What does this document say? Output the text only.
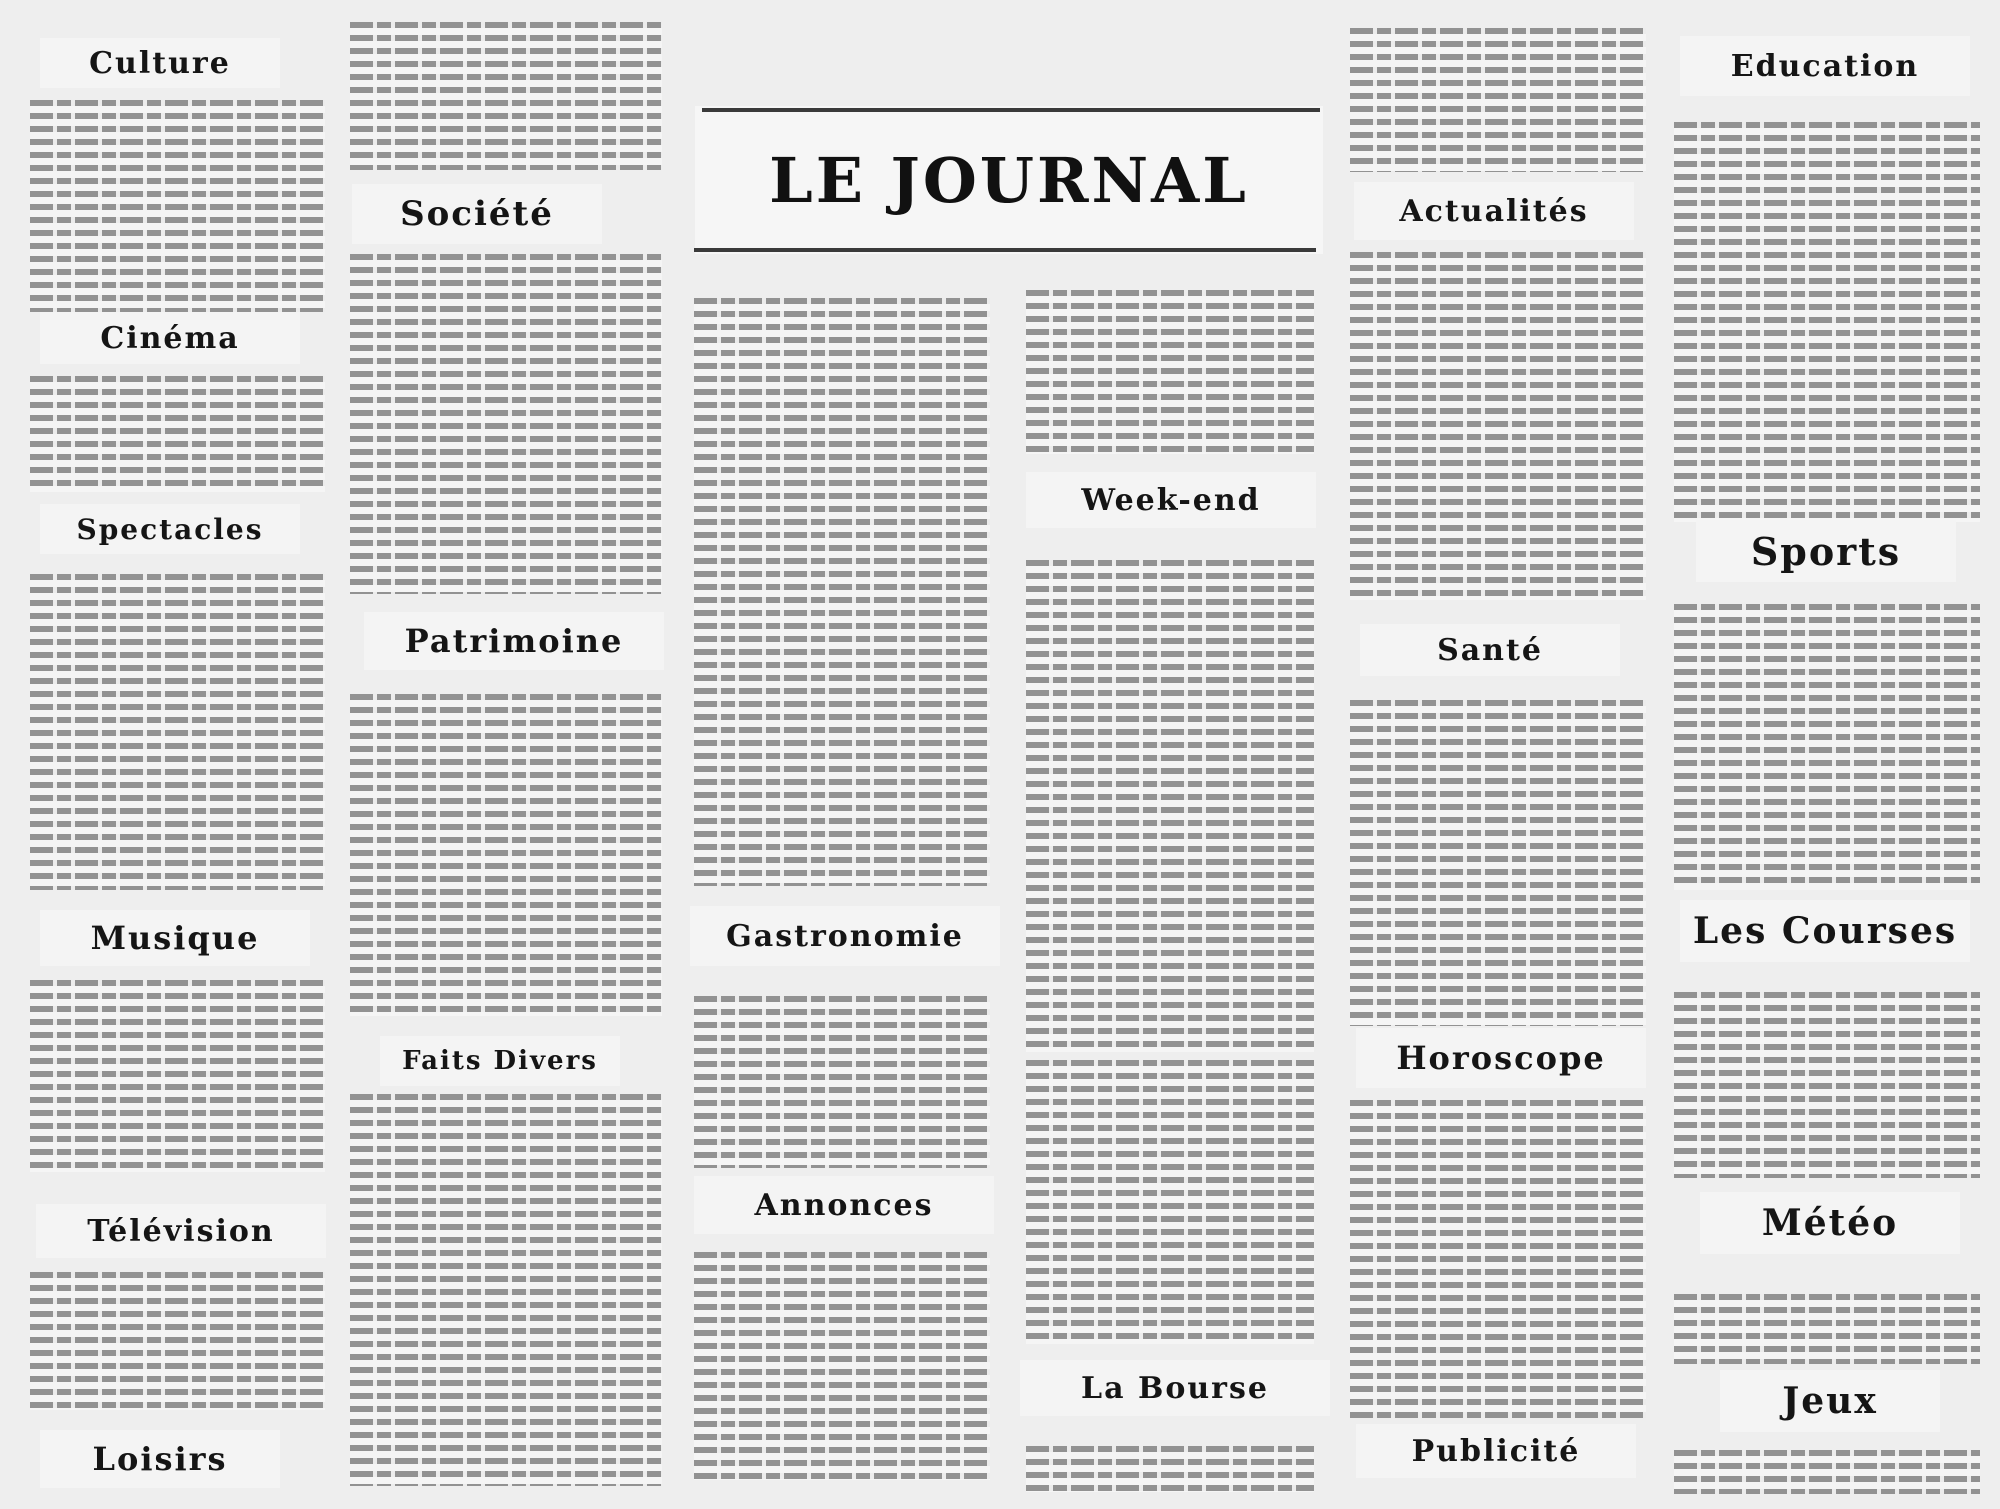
LE JOURNAL
Culture
Cinéma
Spectacles
Musique
Télévision
Loisirs
Société
Patrimoine
Faits Divers
Gastronomie
Annonces
Week-end
La Bourse
Actualités
Santé
Horoscope
Publicité
Education
Sports
Les Courses
Météo
Jeux
